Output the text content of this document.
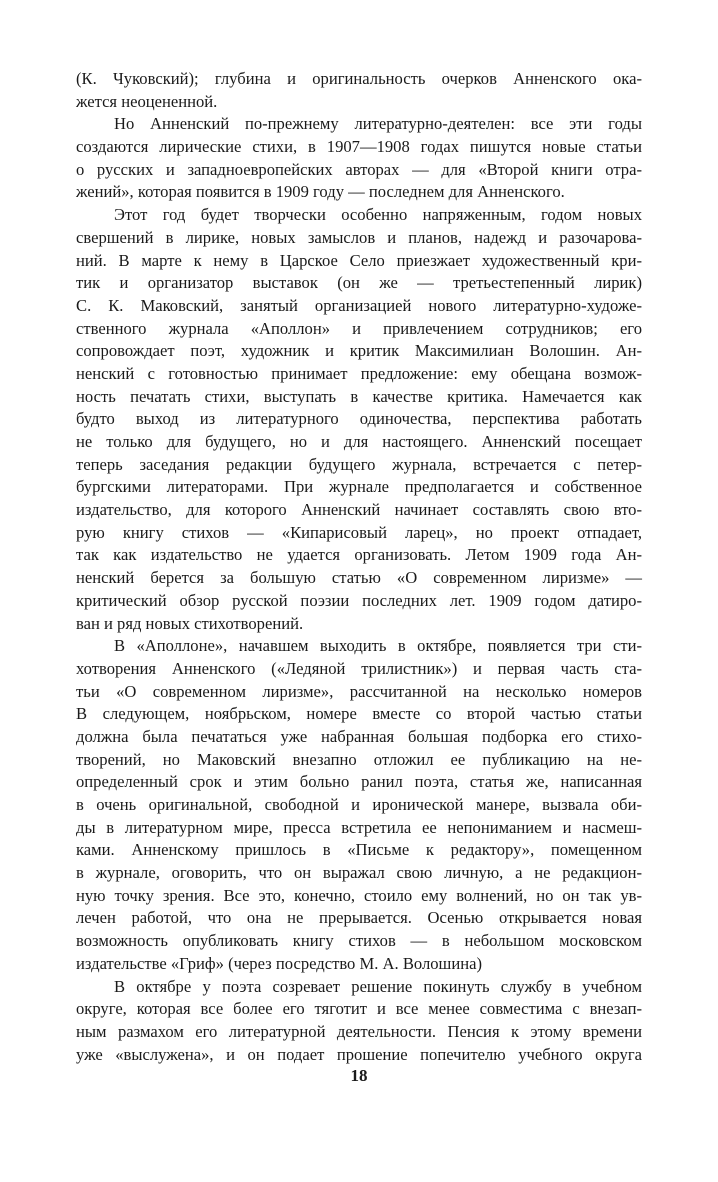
(К. Чуковский); глубина и оригинальность очерков Анненского ока-
жется неоцененной.
Но Анненский по-прежнему литературно-деятелен: все эти годы
создаются лирические стихи, в 1907—1908 годах пишутся новые статьи
о русских и западноевропейских авторах — для «Второй книги отра-
жений», которая появится в 1909 году — последнем для Анненского.
Этот год будет творчески особенно напряженным, годом новых
свершений в лирике, новых замыслов и планов, надежд и разочарова-
ний. В марте к нему в Царское Село приезжает художественный кри-
тик и организатор выставок (он же — третьестепенный лирик)
С. К. Маковский, занятый организацией нового литературно-художе-
ственного журнала «Аполлон» и привлечением сотрудников; его
сопровождает поэт, художник и критик Максимилиан Волошин. Ан-
ненский с готовностью принимает предложение: ему обещана возмож-
ность печатать стихи, выступать в качестве критика. Намечается как
будто выход из литературного одиночества, перспектива работать
не только для будущего, но и для настоящего. Анненский посещает
теперь заседания редакции будущего журнала, встречается с петер-
бургскими литераторами. При журнале предполагается и собственное
издательство, для которого Анненский начинает составлять свою вто-
рую книгу стихов — «Кипарисовый ларец», но проект отпадает,
так как издательство не удается организовать. Летом 1909 года Ан-
ненский берется за большую статью «О современном лиризме» —
критический обзор русской поэзии последних лет. 1909 годом датиро-
ван и ряд новых стихотворений.
В «Аполлоне», начавшем выходить в октябре, появляется три сти-
хотворения Анненского («Ледяной трилистник») и первая часть ста-
тьи «О современном лиризме», рассчитанной на несколько номеров
В следующем, ноябрьском, номере вместе со второй частью статьи
должна была печататься уже набранная большая подборка его стихо-
творений, но Маковский внезапно отложил ее публикацию на не-
определенный срок и этим больно ранил поэта, статья же, написанная
в очень оригинальной, свободной и иронической манере, вызвала оби-
ды в литературном мире, пресса встретила ее непониманием и насмеш-
ками. Анненскому пришлось в «Письме к редактору», помещенном
в журнале, оговорить, что он выражал свою личную, а не редакцион-
ную точку зрения. Все это, конечно, стоило ему волнений, но он так ув-
лечен работой, что она не прерывается. Осенью открывается новая
возможность опубликовать книгу стихов — в небольшом московском
издательстве «Гриф» (через посредство М. А. Волошина)
В октябре у поэта созревает решение покинуть службу в учебном
округе, которая все более его тяготит и все менее совместима с внезап-
ным размахом его литературной деятельности. Пенсия к этому времени
уже «выслужена», и он подает прошение попечителю учебного округа
18
